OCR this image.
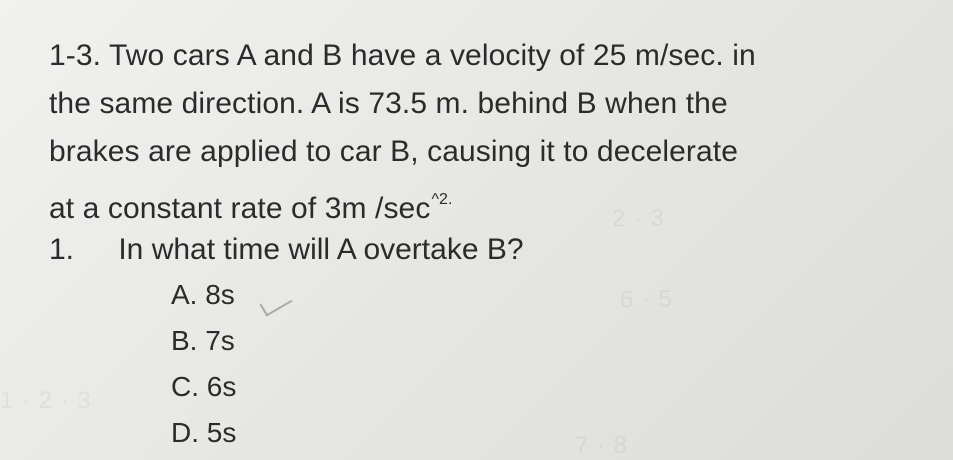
2 · 3
6 · 5
1 · 2 · 3
7 · 8
1-3. Two cars A and B have a velocity of 25 m/sec. in
the same direction. A is 73.5 m. behind B when the
brakes are applied to car B, causing it to decelerate
at a constant rate of 3m $/\sec^{\^{}2.}$
1. In what time will A overtake B?
A. 8s
B. 7s
C. 6s
D. 5s
